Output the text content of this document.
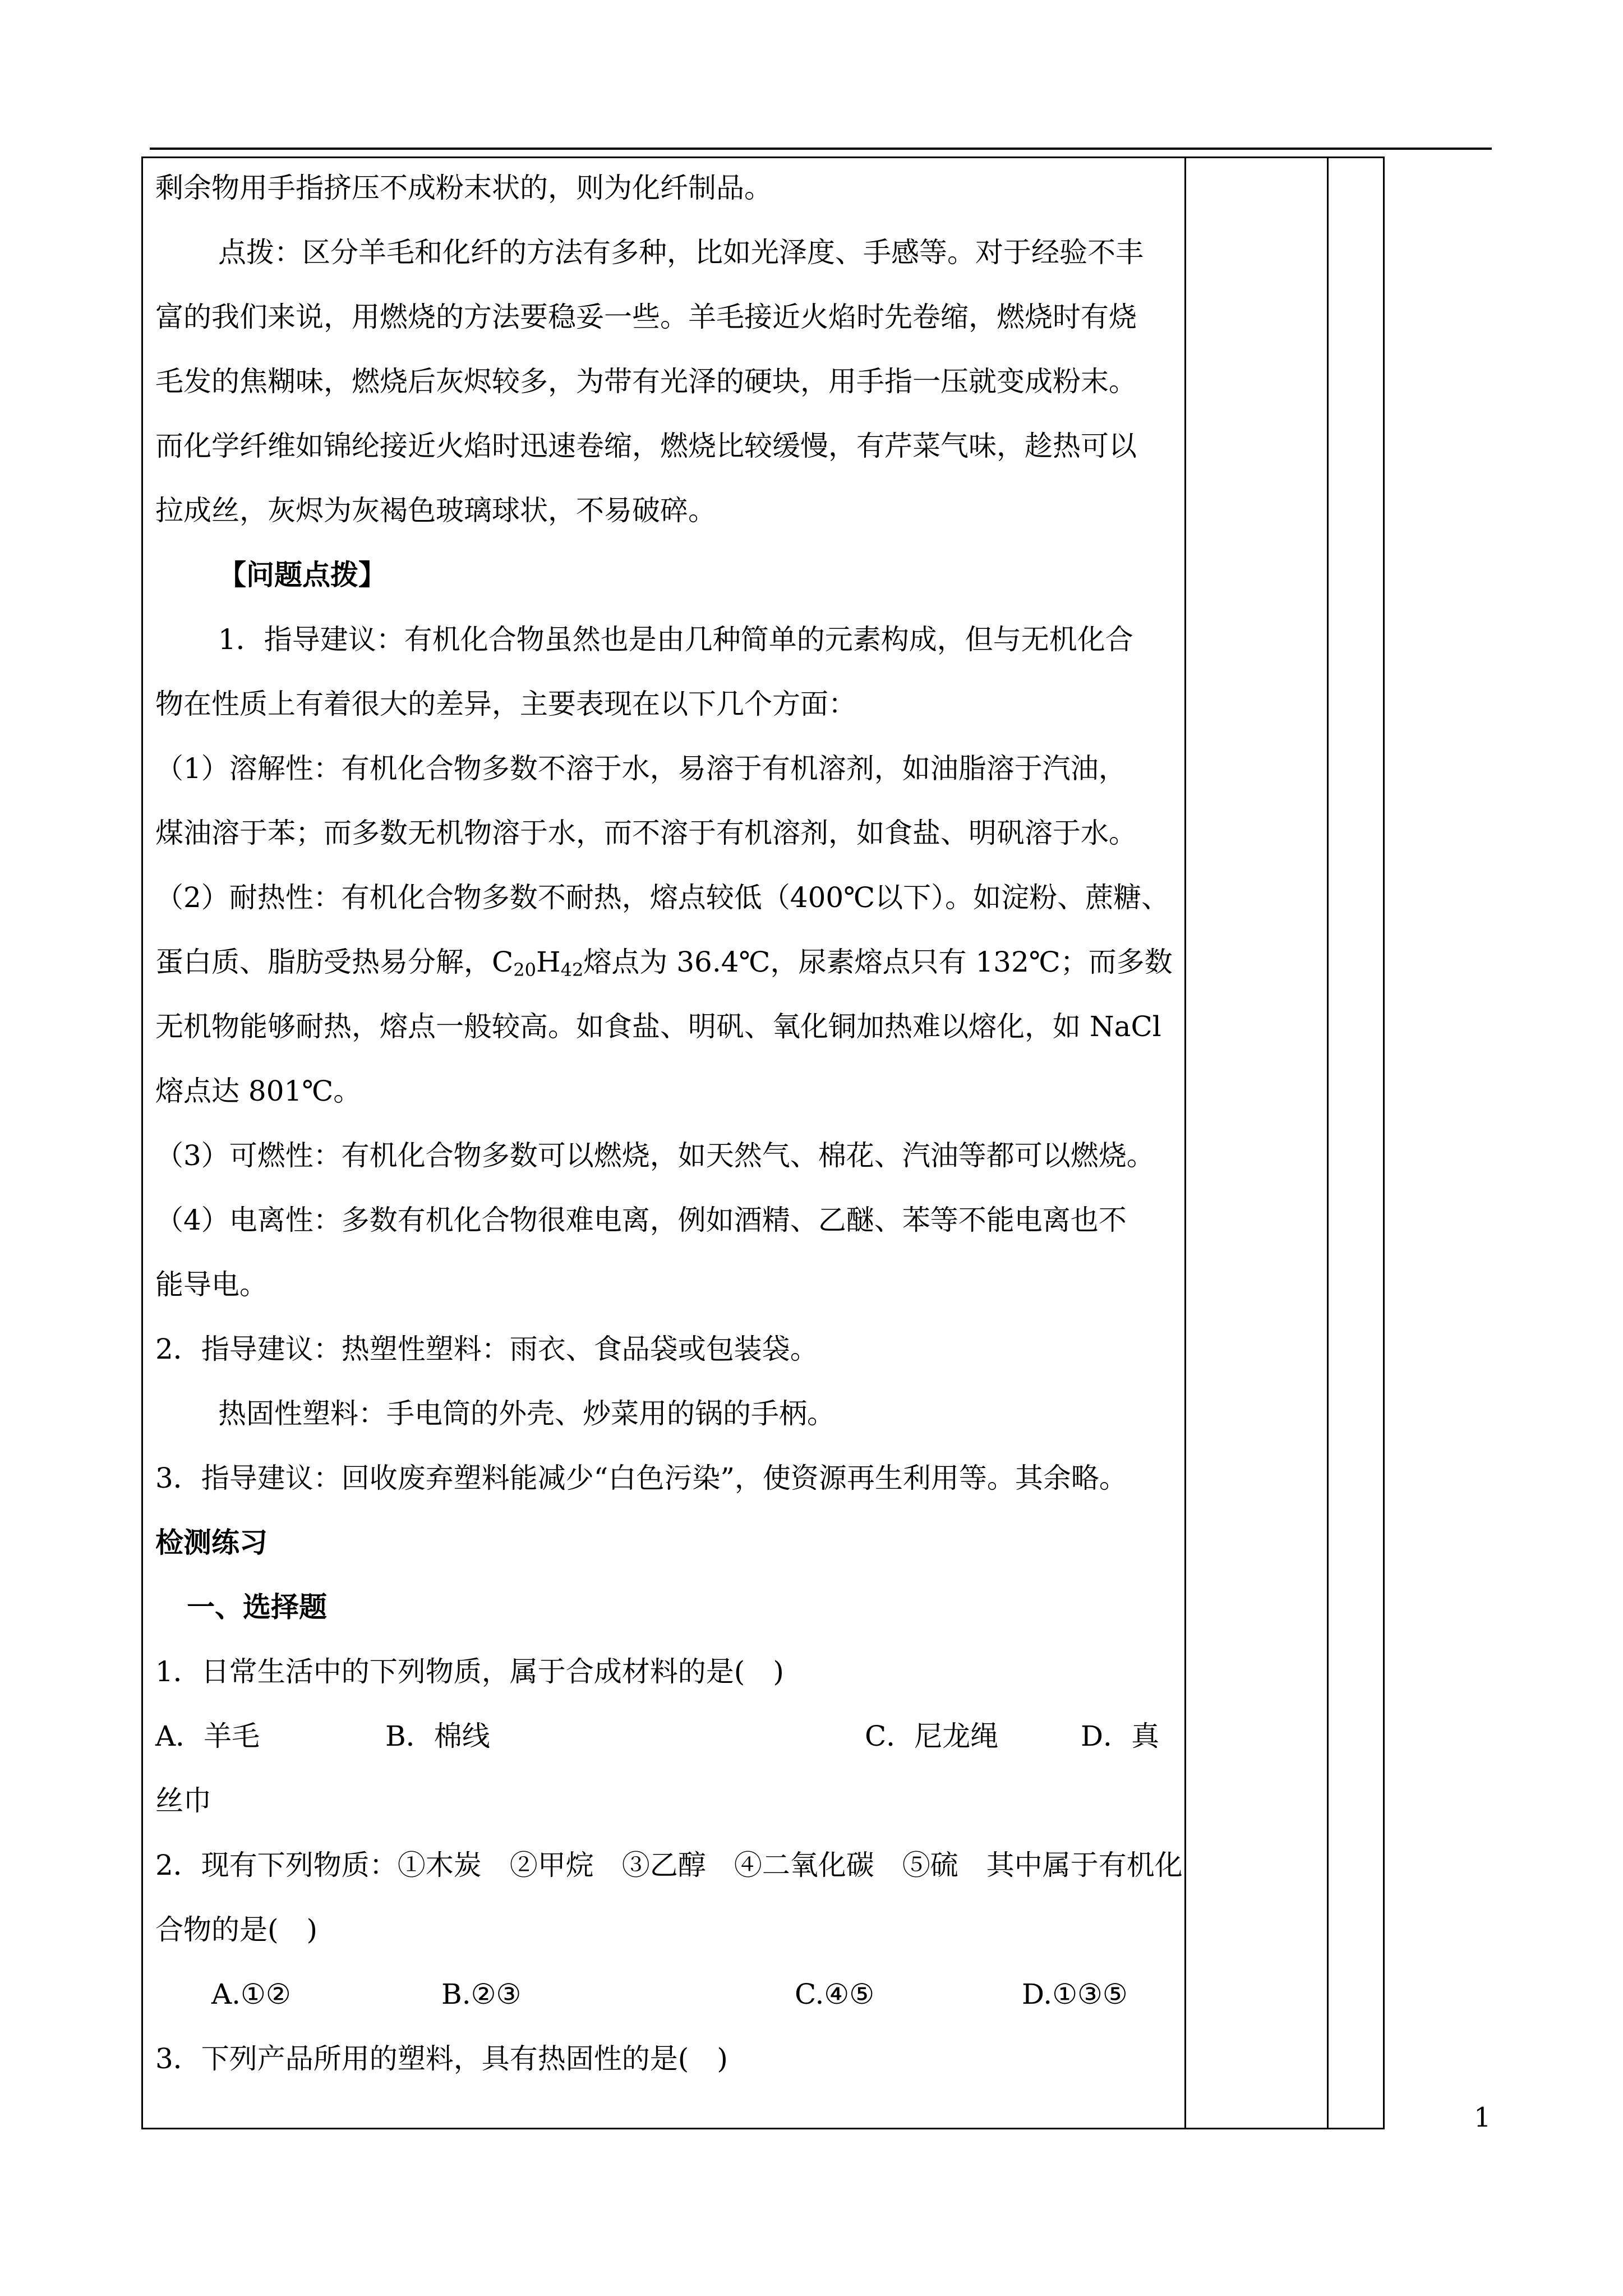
剩余物用手指挤压不成粉末状的，则为化纤制品。
点拨：区分羊毛和化纤的方法有多种，比如光泽度、手感等。对于经验不丰
富的我们来说，用燃烧的方法要稳妥一些。羊毛接近火焰时先卷缩，燃烧时有烧
毛发的焦糊味，燃烧后灰烬较多，为带有光泽的硬块，用手指一压就变成粉末。
而化学纤维如锦纶接近火焰时迅速卷缩，燃烧比较缓慢，有芹菜气味，趁热可以
拉成丝，灰烬为灰褐色玻璃球状，不易破碎。
【问题点拨】
1．指导建议：有机化合物虽然也是由几种简单的元素构成，但与无机化合
物在性质上有着很大的差异，主要表现在以下几个方面：
（1）溶解性：有机化合物多数不溶于水，易溶于有机溶剂，如油脂溶于汽油，
煤油溶于苯；而多数无机物溶于水，而不溶于有机溶剂，如食盐、明矾溶于水。
（2）耐热性：有机化合物多数不耐热，熔点较低（400℃以下）。如淀粉、蔗糖、
蛋白质、脂肪受热易分解，$C_{20}H_{42}$熔点为 36.4℃，尿素熔点只有 132℃；而多数
无机物能够耐热，熔点一般较高。如食盐、明矾、氧化铜加热难以熔化，如 NaCl
熔点达 801℃。
（3）可燃性：有机化合物多数可以燃烧，如天然气、棉花、汽油等都可以燃烧。
（4）电离性：多数有机化合物很难电离，例如酒精、乙醚、苯等不能电离也不
能导电。
2．指导建议：热塑性塑料：雨衣、食品袋或包装袋。
热固性塑料：手电筒的外壳、炒菜用的锅的手柄。
3．指导建议：回收废弃塑料能减少“白色污染”，使资源再生利用等。其余略。
检测练习
一、选择题
1．日常生活中的下列物质，属于合成材料的是(　)
A．羊毛	B．棉线	C．尼龙绳	D．真
丝巾
2．现有下列物质：①木炭　②甲烷　③乙醇　④二氧化碳　⑤硫　其中属于有机化
合物的是(　)
A.①②	B.②③	C.④⑤	D.①③⑤
3．下列产品所用的塑料，具有热固性的是(　)
1
